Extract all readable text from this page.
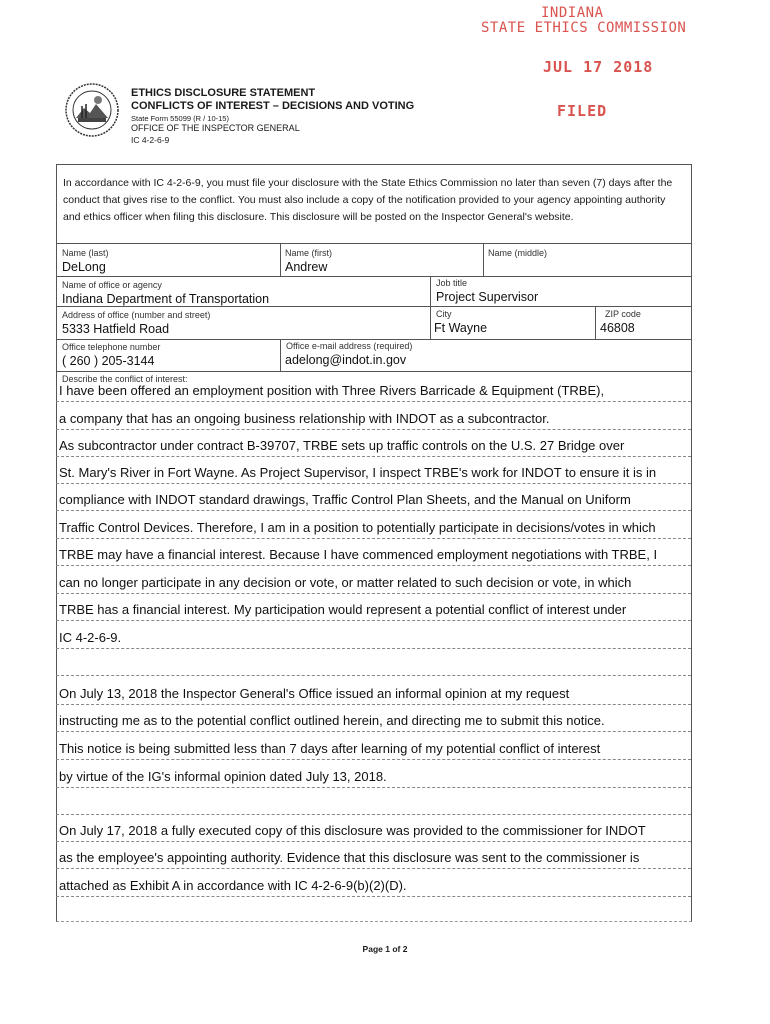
INDIANA
STATE ETHICS COMMISSION
JUL 17 2018
FILED
ETHICS DISCLOSURE STATEMENT
CONFLICTS OF INTEREST – DECISIONS AND VOTING
State Form 55099 (R / 10-15)
OFFICE OF THE INSPECTOR GENERAL
IC 4-2-6-9
In accordance with IC 4-2-6-9, you must file your disclosure with the State Ethics Commission no later than seven (7) days after the conduct that gives rise to the conflict. You must also include a copy of the notification provided to your agency appointing authority and ethics officer when filing this disclosure. This disclosure will be posted on the Inspector General's website.
Name (last)
DeLong
Name (first)
Andrew
Name (middle)
Name of office or agency
Indiana Department of Transportation
Job title
Project Supervisor
Address of office (number and street)
5333 Hatfield Road
City
Ft Wayne
ZIP code
46808
Office telephone number
( 260 ) 205-3144
Office e-mail address (required)
adelong@indot.in.gov
Describe the conflict of interest:
I have been offered an employment position with Three Rivers Barricade & Equipment (TRBE),
a company that has an ongoing business relationship with INDOT as a subcontractor.
As subcontractor under contract B-39707, TRBE sets up traffic controls on the U.S. 27 Bridge over
St. Mary's River in Fort Wayne. As Project Supervisor, I inspect TRBE's work for INDOT to ensure it is in
compliance with INDOT standard drawings, Traffic Control Plan Sheets, and the Manual on Uniform
Traffic Control Devices. Therefore, I am in a position to potentially participate in decisions/votes in which
TRBE may have a financial interest. Because I have commenced employment negotiations with TRBE, I
can no longer participate in any decision or vote, or matter related to such decision or vote, in which
TRBE has a financial interest. My participation would represent a potential conflict of interest under
IC 4-2-6-9.
On July 13, 2018 the Inspector General's Office issued an informal opinion at my request
instructing me as to the potential conflict outlined herein, and directing me to submit this notice.
This notice is being submitted less than 7 days after learning of my potential conflict of interest
by virtue of the IG's informal opinion dated July 13, 2018.
On July 17, 2018 a fully executed copy of this disclosure was provided to the commissioner for INDOT
as the employee's appointing authority. Evidence that this disclosure was sent to the commissioner is
attached as Exhibit A in accordance with IC 4-2-6-9(b)(2)(D).
Page 1 of 2
